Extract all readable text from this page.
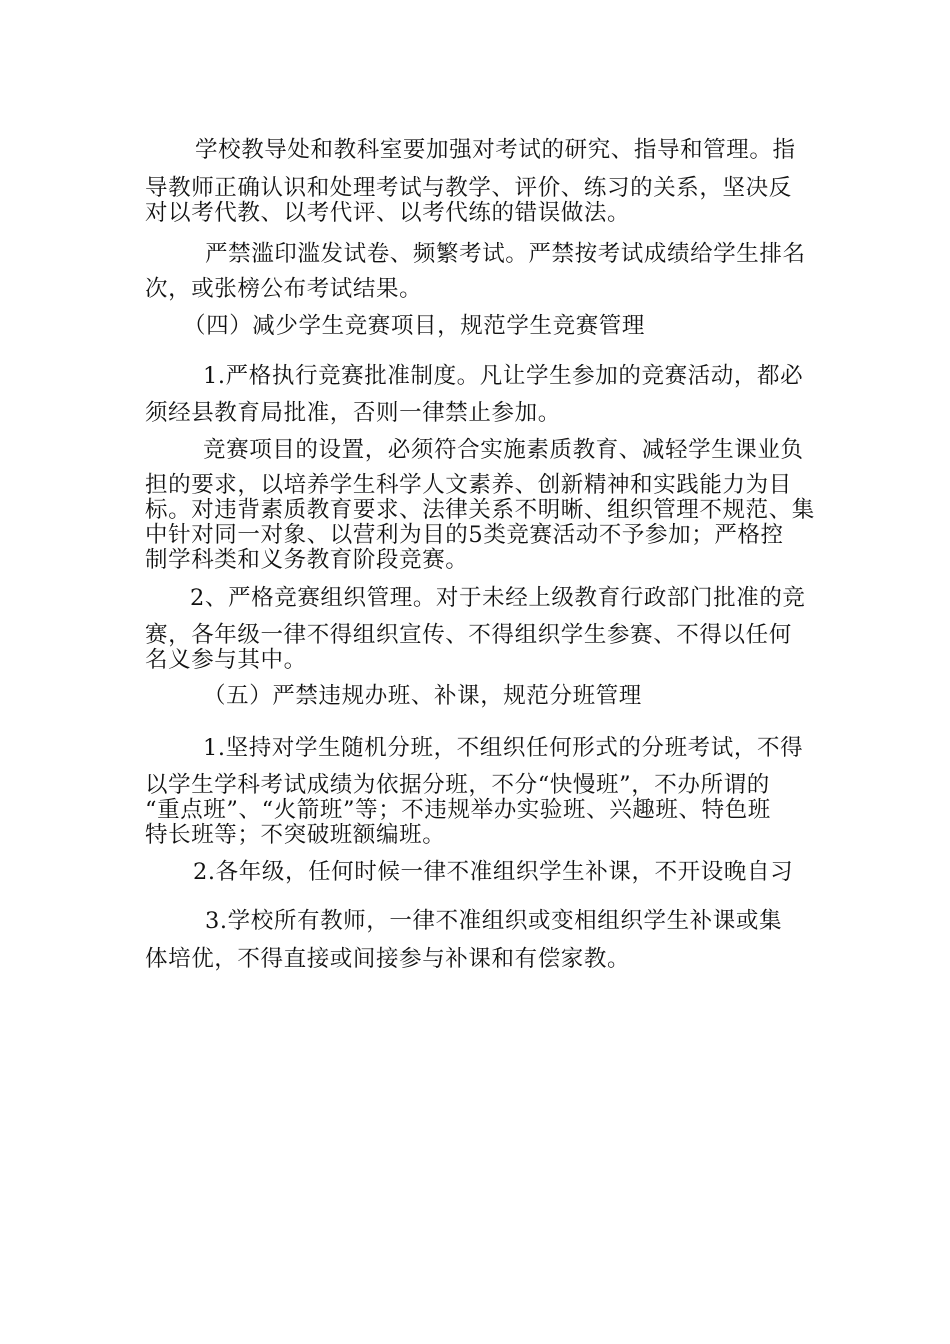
学校教导处和教科室要加强对考试的研究、指导和管理。指
导教师正确认识和处理考试与教学、评价、练习的关系，坚决反
对以考代教、以考代评、以考代练的错误做法。
严禁滥印滥发试卷、频繁考试。严禁按考试成绩给学生排名
次，或张榜公布考试结果。
（四）减少学生竞赛项目，规范学生竞赛管理
1.严格执行竞赛批准制度。凡让学生参加的竞赛活动，都必
须经县教育局批准，否则一律禁止参加。
竞赛项目的设置，必须符合实施素质教育、减轻学生课业负
担的要求，以培养学生科学人文素养、创新精神和实践能力为目
标。对违背素质教育要求、法律关系不明晰、组织管理不规范、集
中针对同一对象、以营利为目的5类竞赛活动不予参加；严格控
制学科类和义务教育阶段竞赛。
2、严格竞赛组织管理。对于未经上级教育行政部门批准的竞
赛，各年级一律不得组织宣传、不得组织学生参赛、不得以任何
名义参与其中。
（五）严禁违规办班、补课，规范分班管理
1.坚持对学生随机分班，不组织任何形式的分班考试，不得
以学生学科考试成绩为依据分班，不分“快慢班”，不办所谓的
“重点班”、“火箭班”等；不违规举办实验班、兴趣班、特色班
特长班等；不突破班额编班。
2.各年级，任何时候一律不准组织学生补课，不开设晚自习
3.学校所有教师，一律不准组织或变相组织学生补课或集
体培优，不得直接或间接参与补课和有偿家教。
